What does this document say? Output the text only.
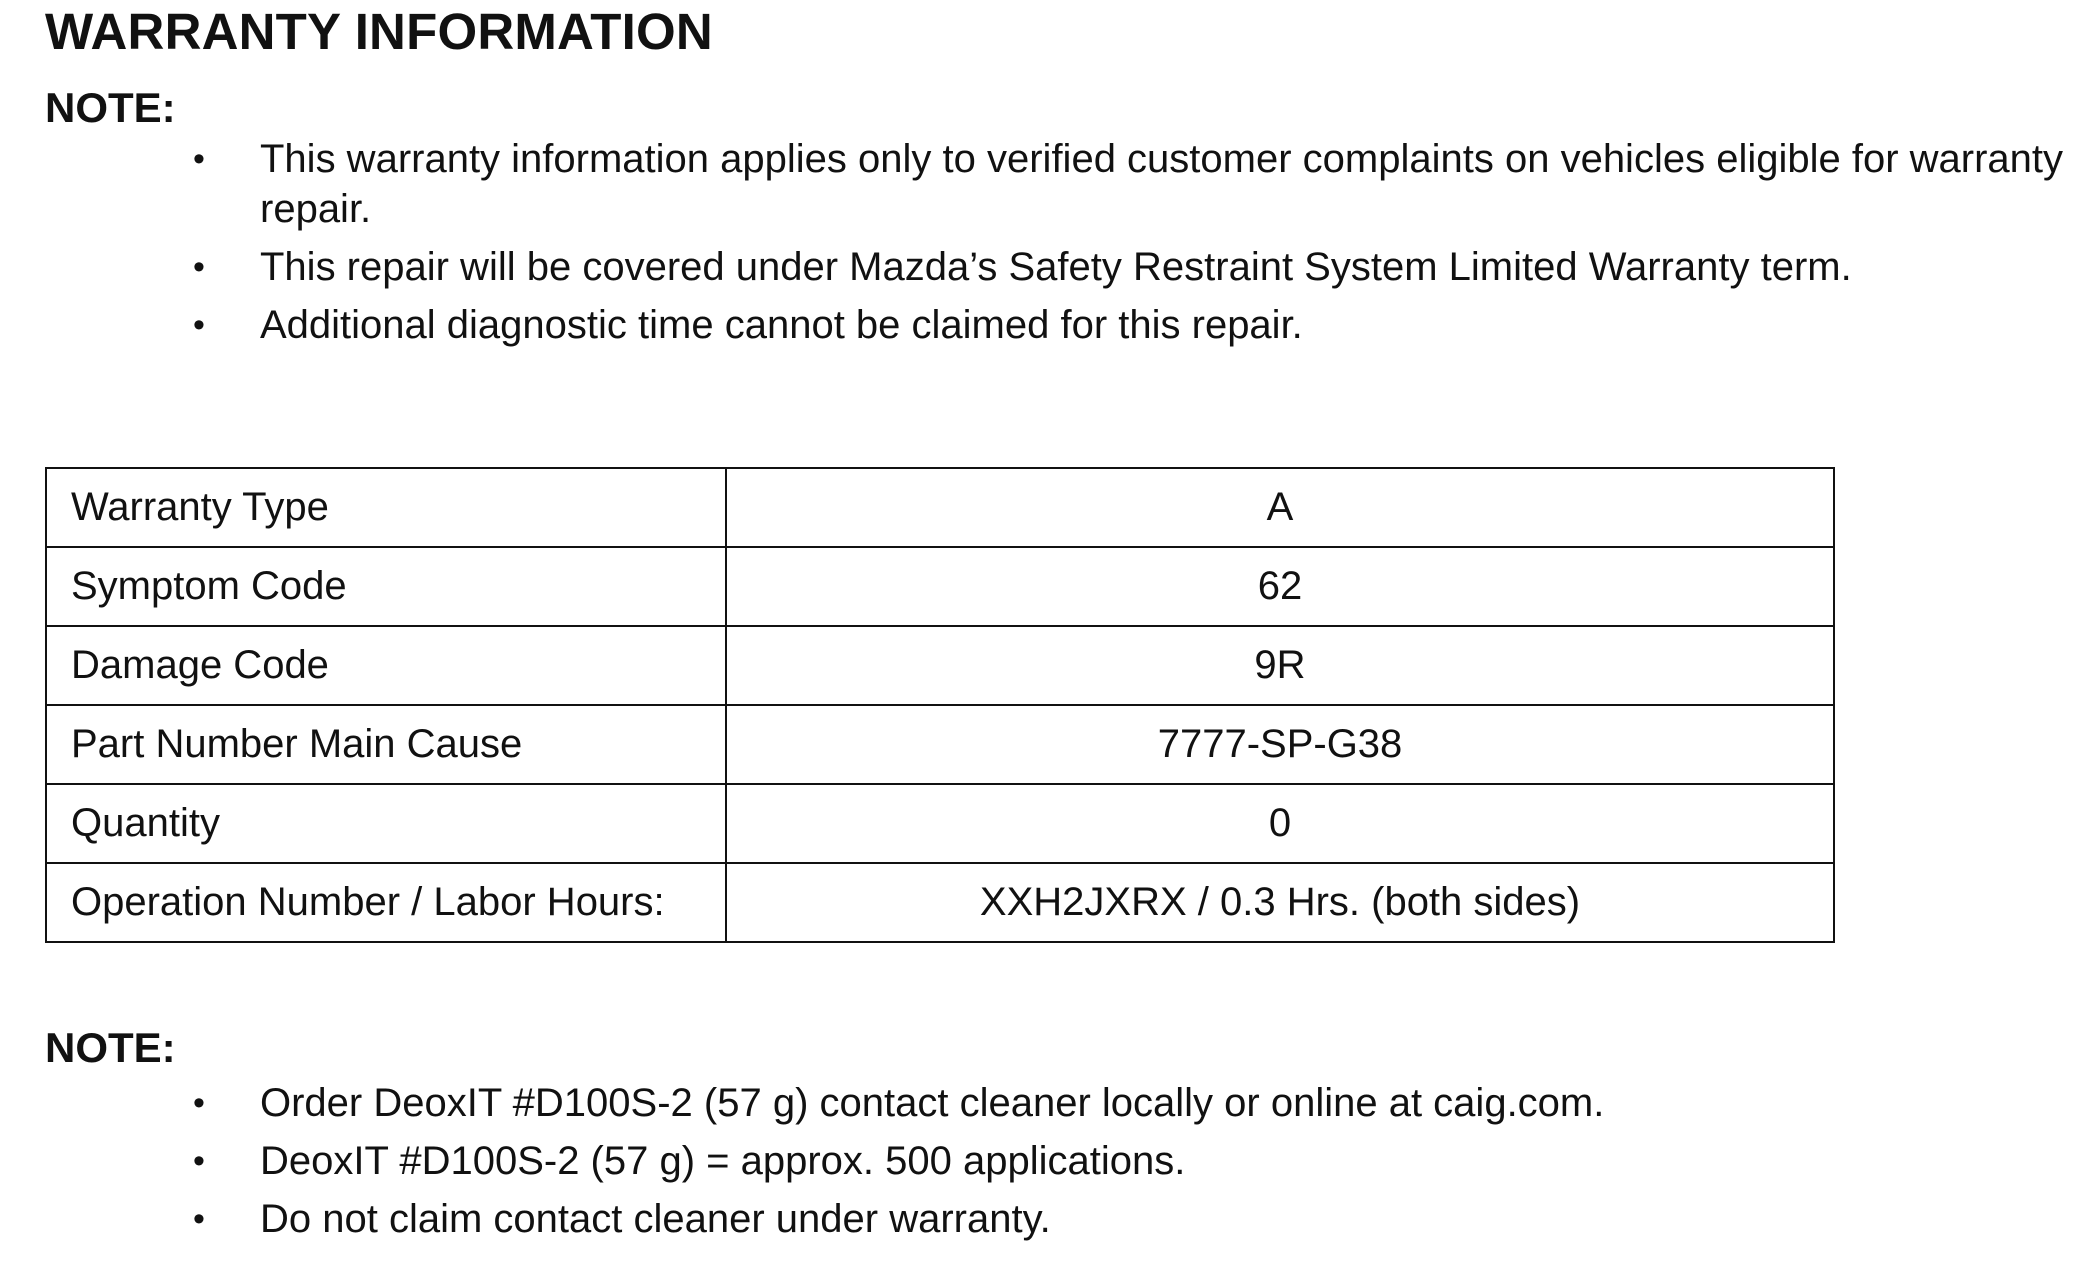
WARRANTY INFORMATION
NOTE:
• This warranty information applies only to verified customer complaints on vehicles eligible for warranty repair.
• This repair will be covered under Mazda’s Safety Restraint System Limited Warranty term.
• Additional diagnostic time cannot be claimed for this repair.
Warranty Type	A
Symptom Code	62
Damage Code	9R
Part Number Main Cause	7777-SP-G38
Quantity	0
Operation Number / Labor Hours:	XXH2JXRX / 0.3 Hrs. (both sides)
NOTE:
• Order DeoxIT #D100S-2 (57 g) contact cleaner locally or online at caig.com.
• DeoxIT #D100S-2 (57 g) = approx. 500 applications.
• Do not claim contact cleaner under warranty.
